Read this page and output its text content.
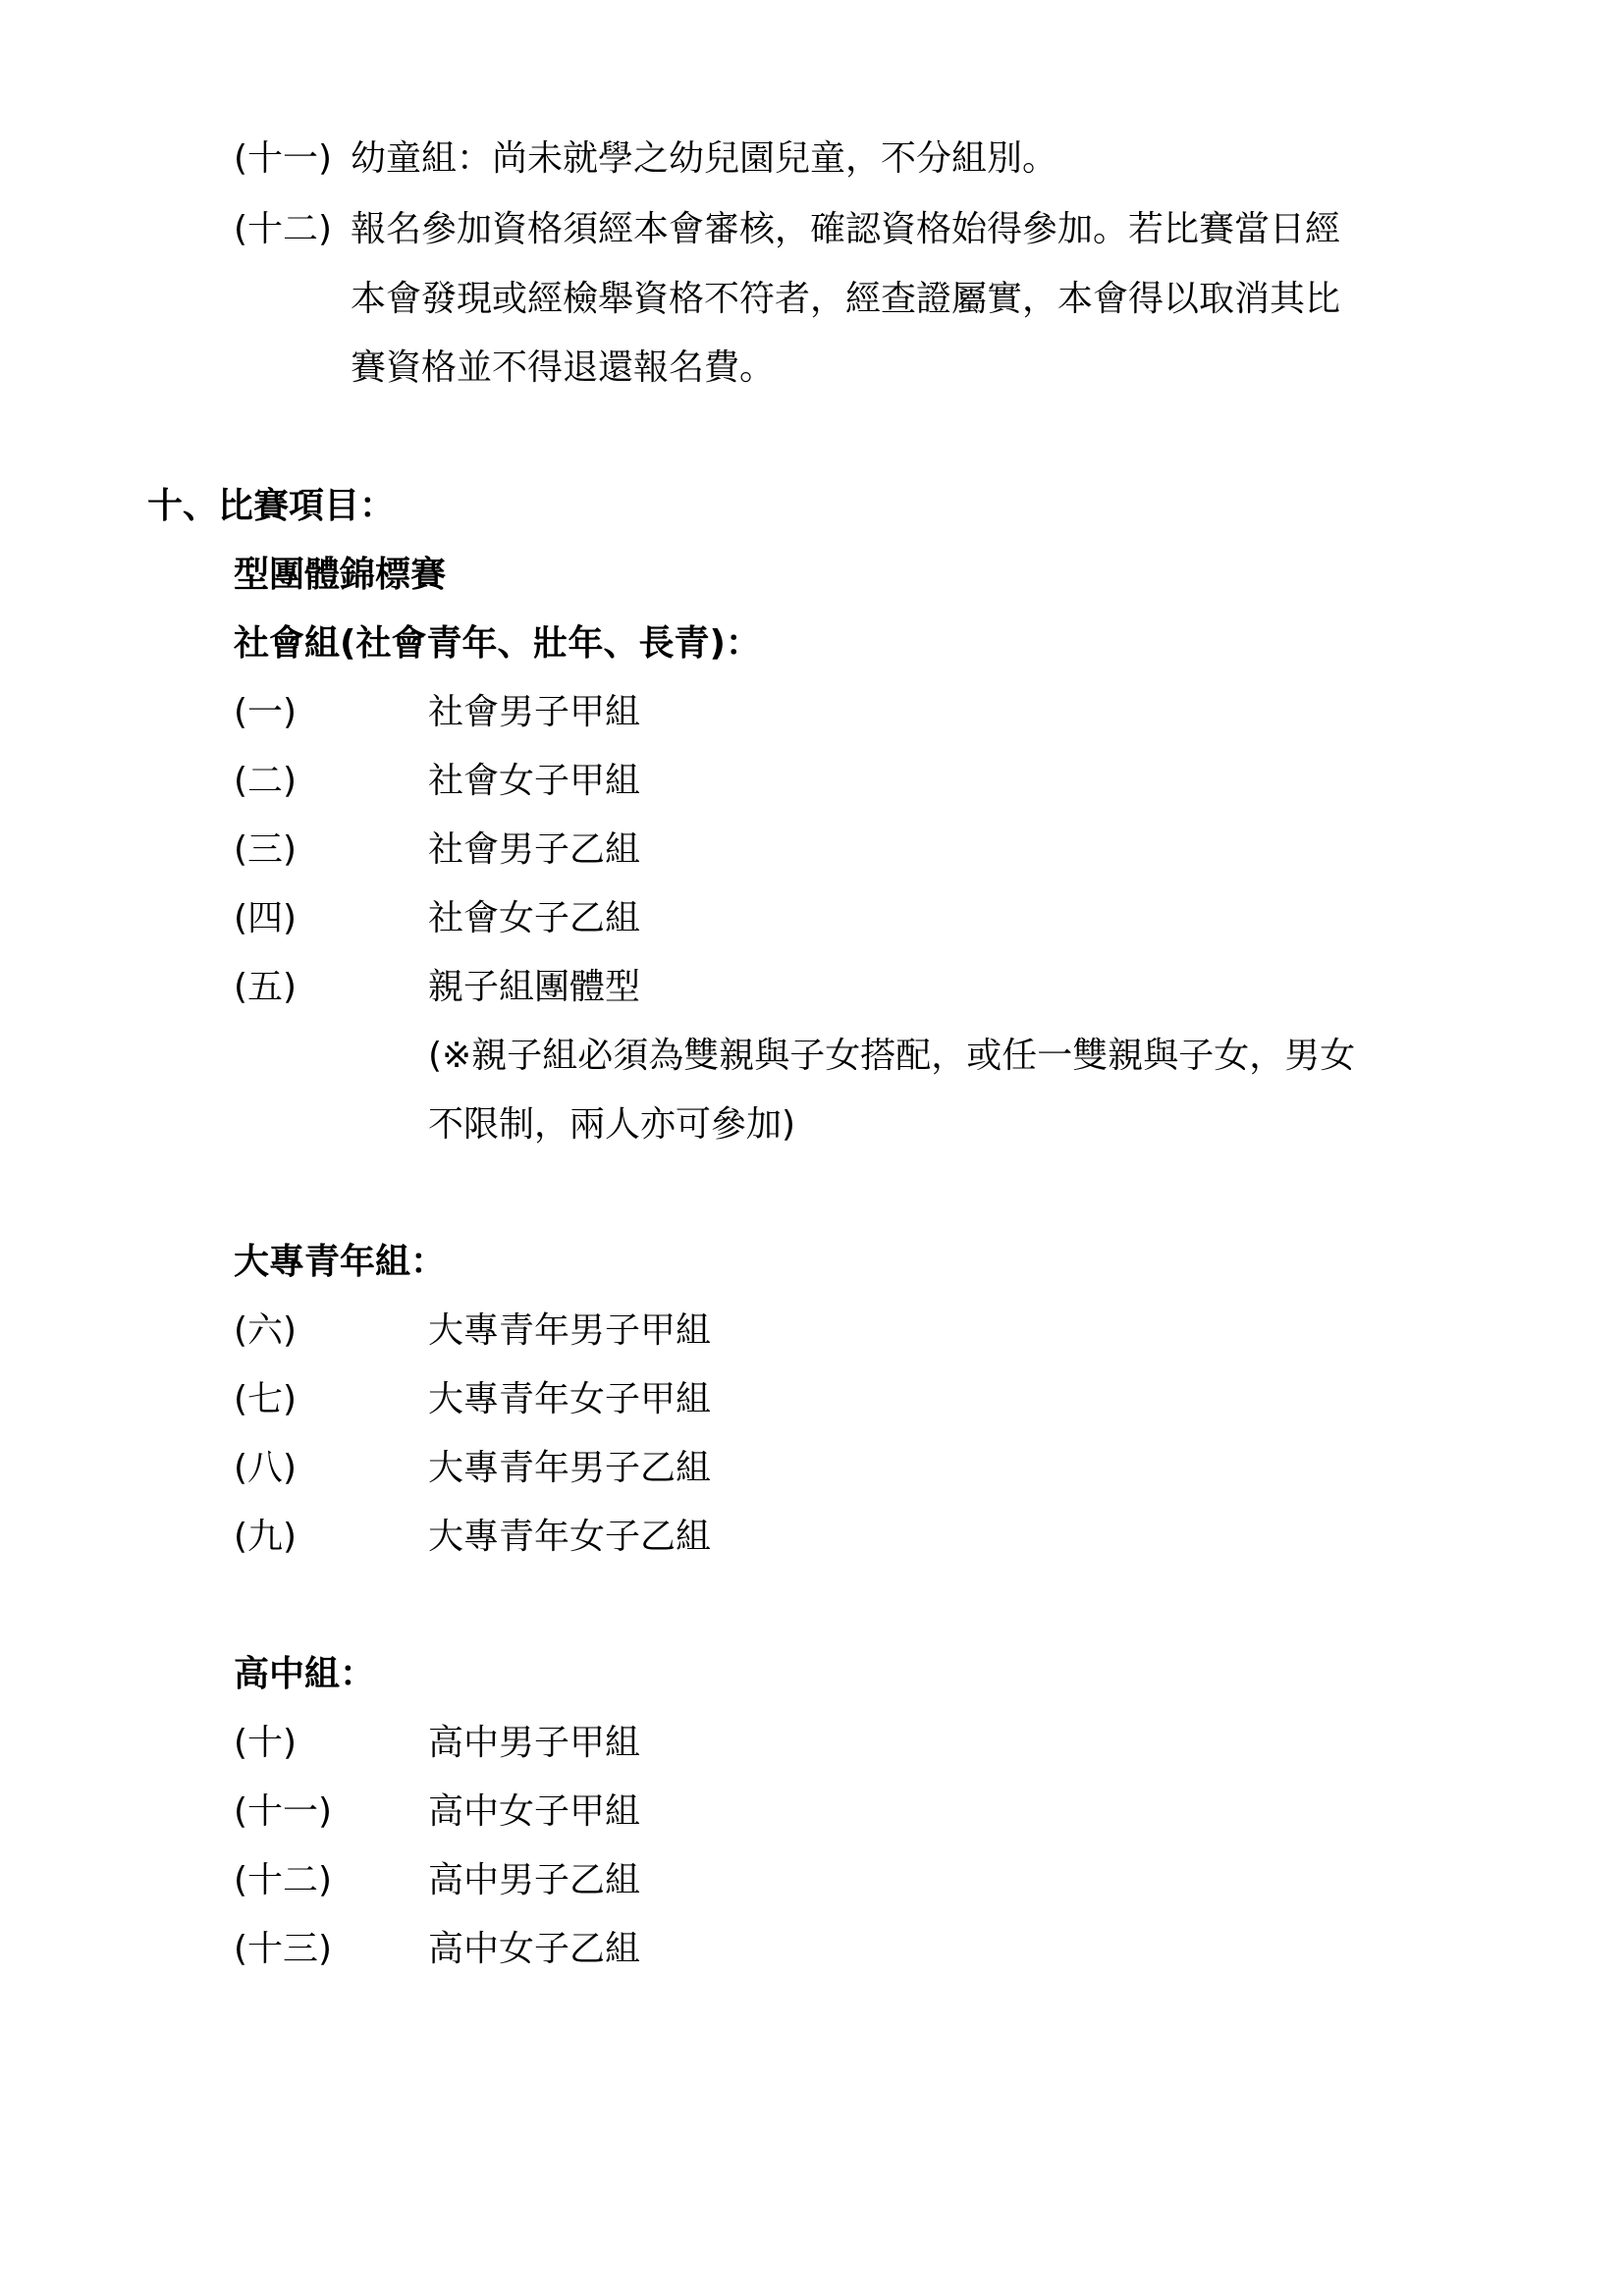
(十一) 幼童組：尚未就學之幼兒園兒童，不分組別。
(十二) 報名參加資格須經本會審核，確認資格始得參加。若比賽當日經
本會發現或經檢舉資格不符者，經查證屬實，本會得以取消其比
賽資格並不得退還報名費。
十、比賽項目：
型團體錦標賽
社會組(社會青年、壯年、長青)：
(一)	社會男子甲組
(二)	社會女子甲組
(三)	社會男子乙組
(四)	社會女子乙組
(五)	親子組團體型
(※親子組必須為雙親與子女搭配，或任一雙親與子女，男女
不限制，兩人亦可參加)
大專青年組：
(六)	大專青年男子甲組
(七)	大專青年女子甲組
(八)	大專青年男子乙組
(九)	大專青年女子乙組
高中組：
(十)	高中男子甲組
(十一)	高中女子甲組
(十二)	高中男子乙組
(十三)	高中女子乙組
